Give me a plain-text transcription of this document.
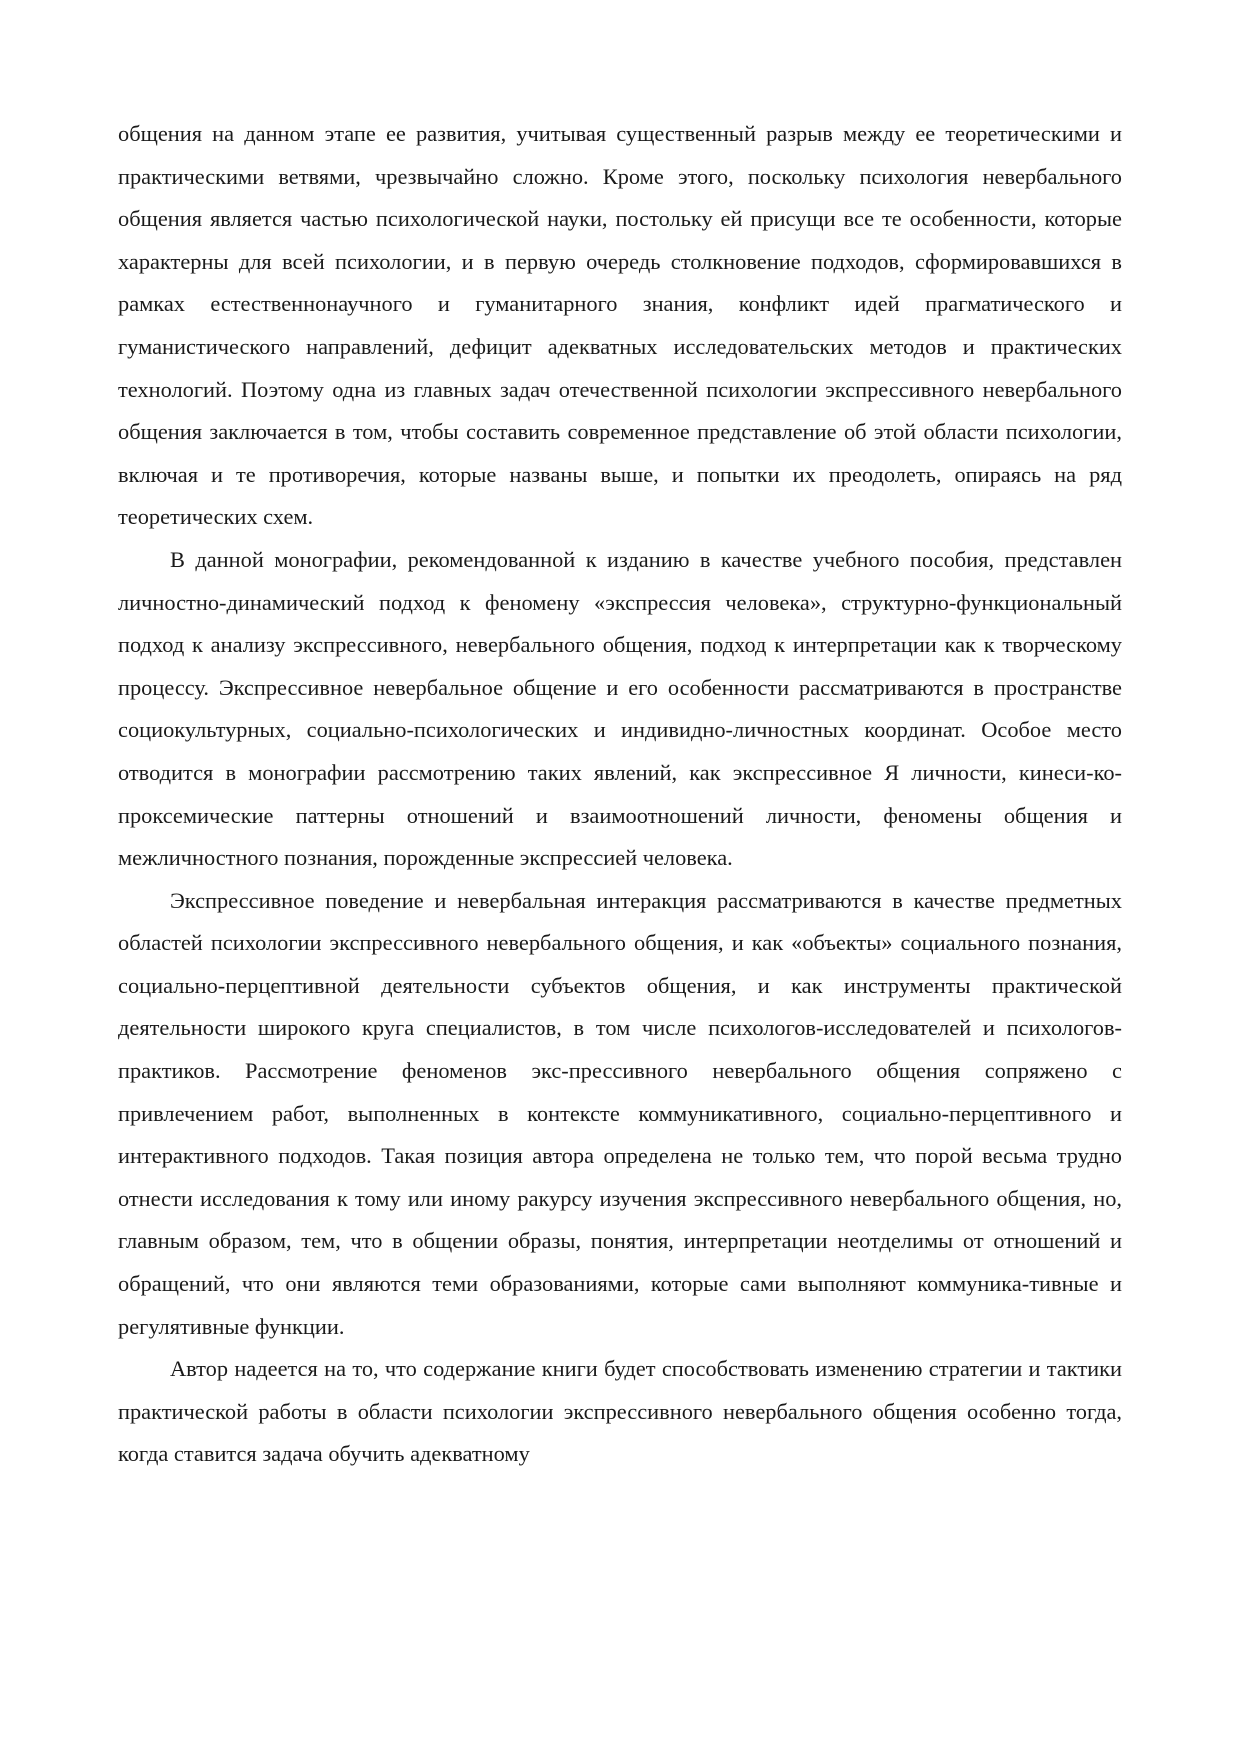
общения на данном этапе ее развития, учитывая существенный разрыв между ее теоретическими и практическими ветвями, чрезвычайно сложно. Кроме этого, поскольку психология невербального общения является частью психологической науки, постольку ей присущи все те особенности, которые характерны для всей психологии, и в первую очередь столкновение подходов, сформировавшихся в рамках естественнонаучного и гуманитарного знания, конфликт идей прагматического и гуманистического направлений, дефицит адекватных исследовательских методов и практических технологий. Поэтому одна из главных задач отечественной психологии экспрессивного невербального общения заключается в том, чтобы составить современное представление об этой области психологии, включая и те противоречия, которые названы выше, и попытки их преодолеть, опираясь на ряд теоретических схем.

В данной монографии, рекомендованной к изданию в качестве учебного пособия, представлен личностно-динамический подход к феномену «экспрессия человека», структурно-функциональный подход к анализу экспрессивного, невербального общения, подход к интерпретации как к творческому процессу. Экспрессивное невербальное общение и его особенности рассматриваются в пространстве социокультурных, социально-психологических и индивидно-личностных координат. Особое место отводится в монографии рассмотрению таких явлений, как экспрессивное Я личности, кинеси-ко-проксемические паттерны отношений и взаимоотношений личности, феномены общения и межличностного познания, порожденные экспрессией человека.

Экспрессивное поведение и невербальная интеракция рассматриваются в качестве предметных областей психологии экспрессивного невербального общения, и как «объекты» социального познания, социально-перцептивной деятельности субъектов общения, и как инструменты практической деятельности широкого круга специалистов, в том числе психологов-исследователей и психологов-практиков. Рассмотрение феноменов экс-прессивного невербального общения сопряжено с привлечением работ, выполненных в контексте коммуникативного, социально-перцептивного и интерактивного подходов. Такая позиция автора определена не только тем, что порой весьма трудно отнести исследования к тому или иному ракурсу изучения экспрессивного невербального общения, но, главным образом, тем, что в общении образы, понятия, интерпретации неотделимы от отношений и обращений, что они являются теми образованиями, которые сами выполняют коммуника-тивные и регулятивные функции.

Автор надеется на то, что содержание книги будет способствовать изменению стратегии и тактики практической работы в области психологии экспрессивного невербального общения особенно тогда, когда ставится задача обучить адекватному
